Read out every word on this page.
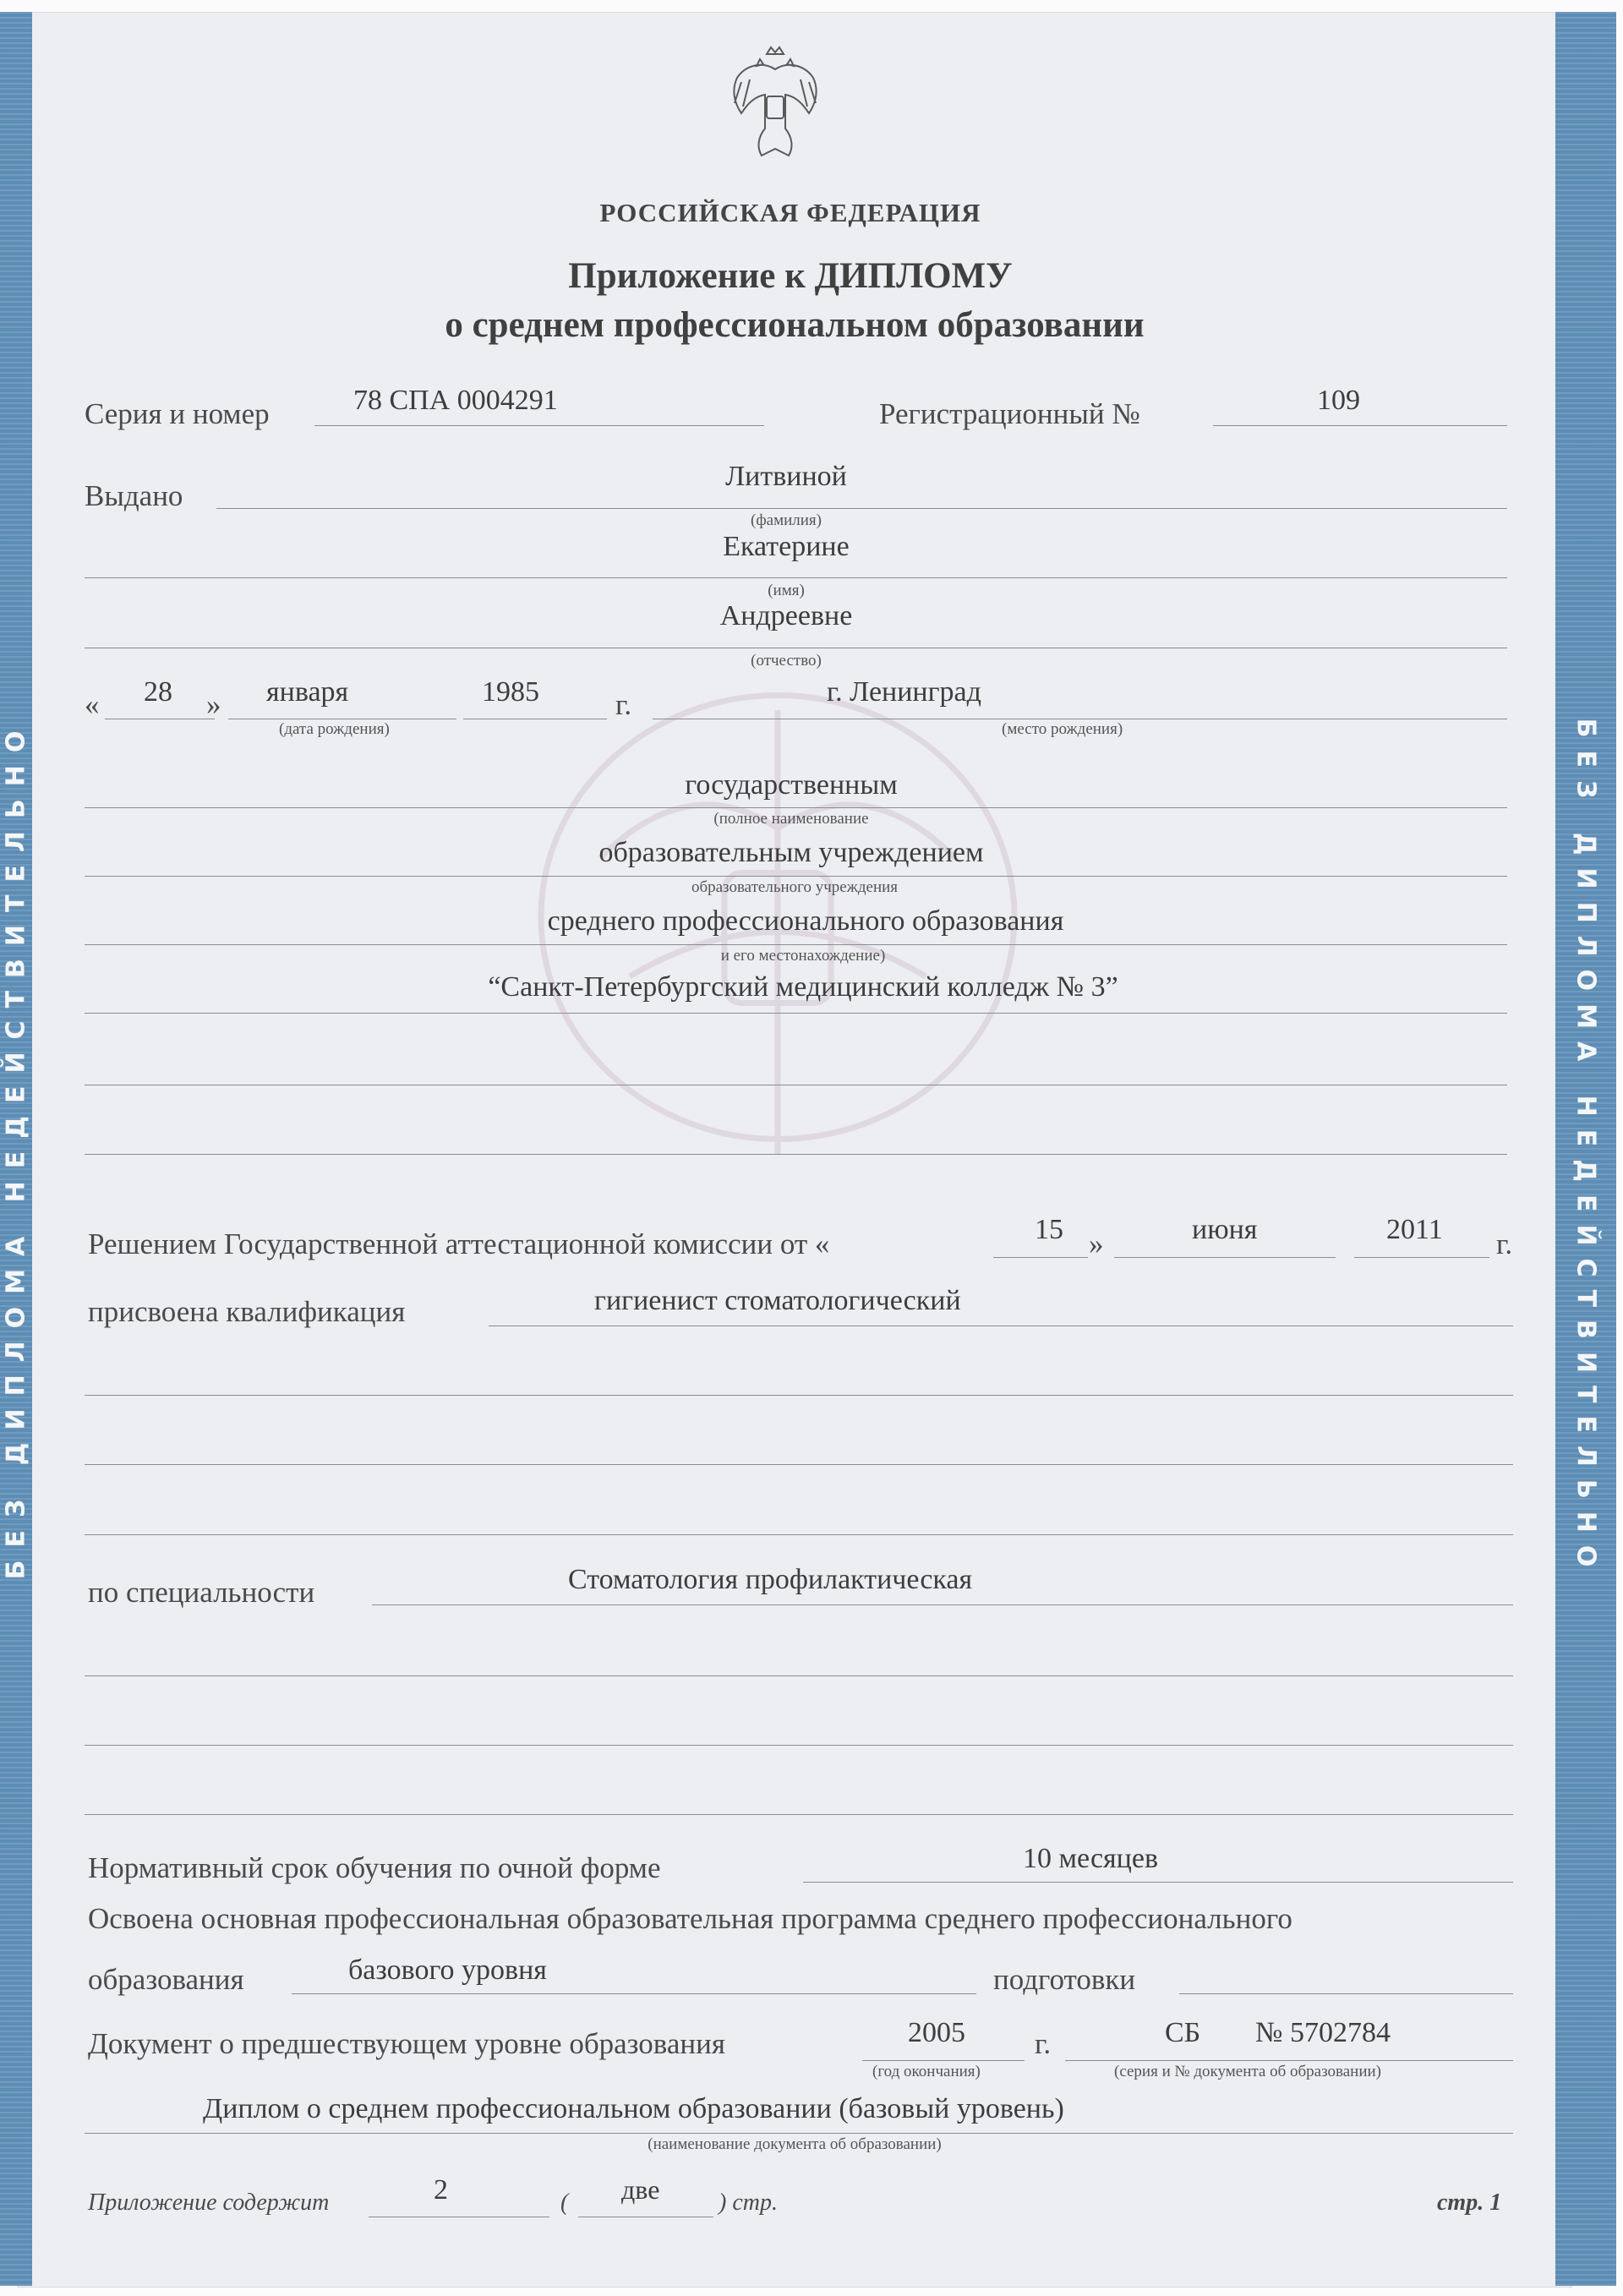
БЕЗ ДИПЛОМА НЕДЕЙСТВИТЕЛЬНО	БЕЗ ДИПЛОМА НЕДЕЙСТВИТЕЛЬНО
РОССИЙСКАЯ ФЕДЕРАЦИЯ
Приложение к ДИПЛОМУ
о среднем профессиональном образовании
Серия и номер	78 СПА 0004291	Регистрационный №	109
Выдано
Литвиной
(фамилия)
Екатерине
(имя)
Андреевне
(отчество)
« 28 » января	1985	г.
(дата рождения)
г. Ленинград
(место рождения)
государственным
(полное наименование
образовательным учреждением
образовательного учреждения
среднего профессионального образования
и его местонахождение)
“Санкт-Петербургский медицинский колледж № 3”
Решением Государственной аттестационной комиссии от «	15 »	июня	2011 г.
присвоена квалификация	гигиенист стоматологический
по специальности	Стоматология профилактическая
Нормативный срок обучения по очной форме	10 месяцев
Освоена основная профессиональная образовательная программа среднего профессионального
образования	базового уровня	подготовки
Документ о предшествующем уровне образования	2005 г.
(год окончания)
СБ № 5702784
(серия и № документа об образовании)
Диплом о среднем профессиональном образовании (базовый уровень)
(наименование документа об образовании)
Приложение содержит	2	( две ) стр.	стр. 1
